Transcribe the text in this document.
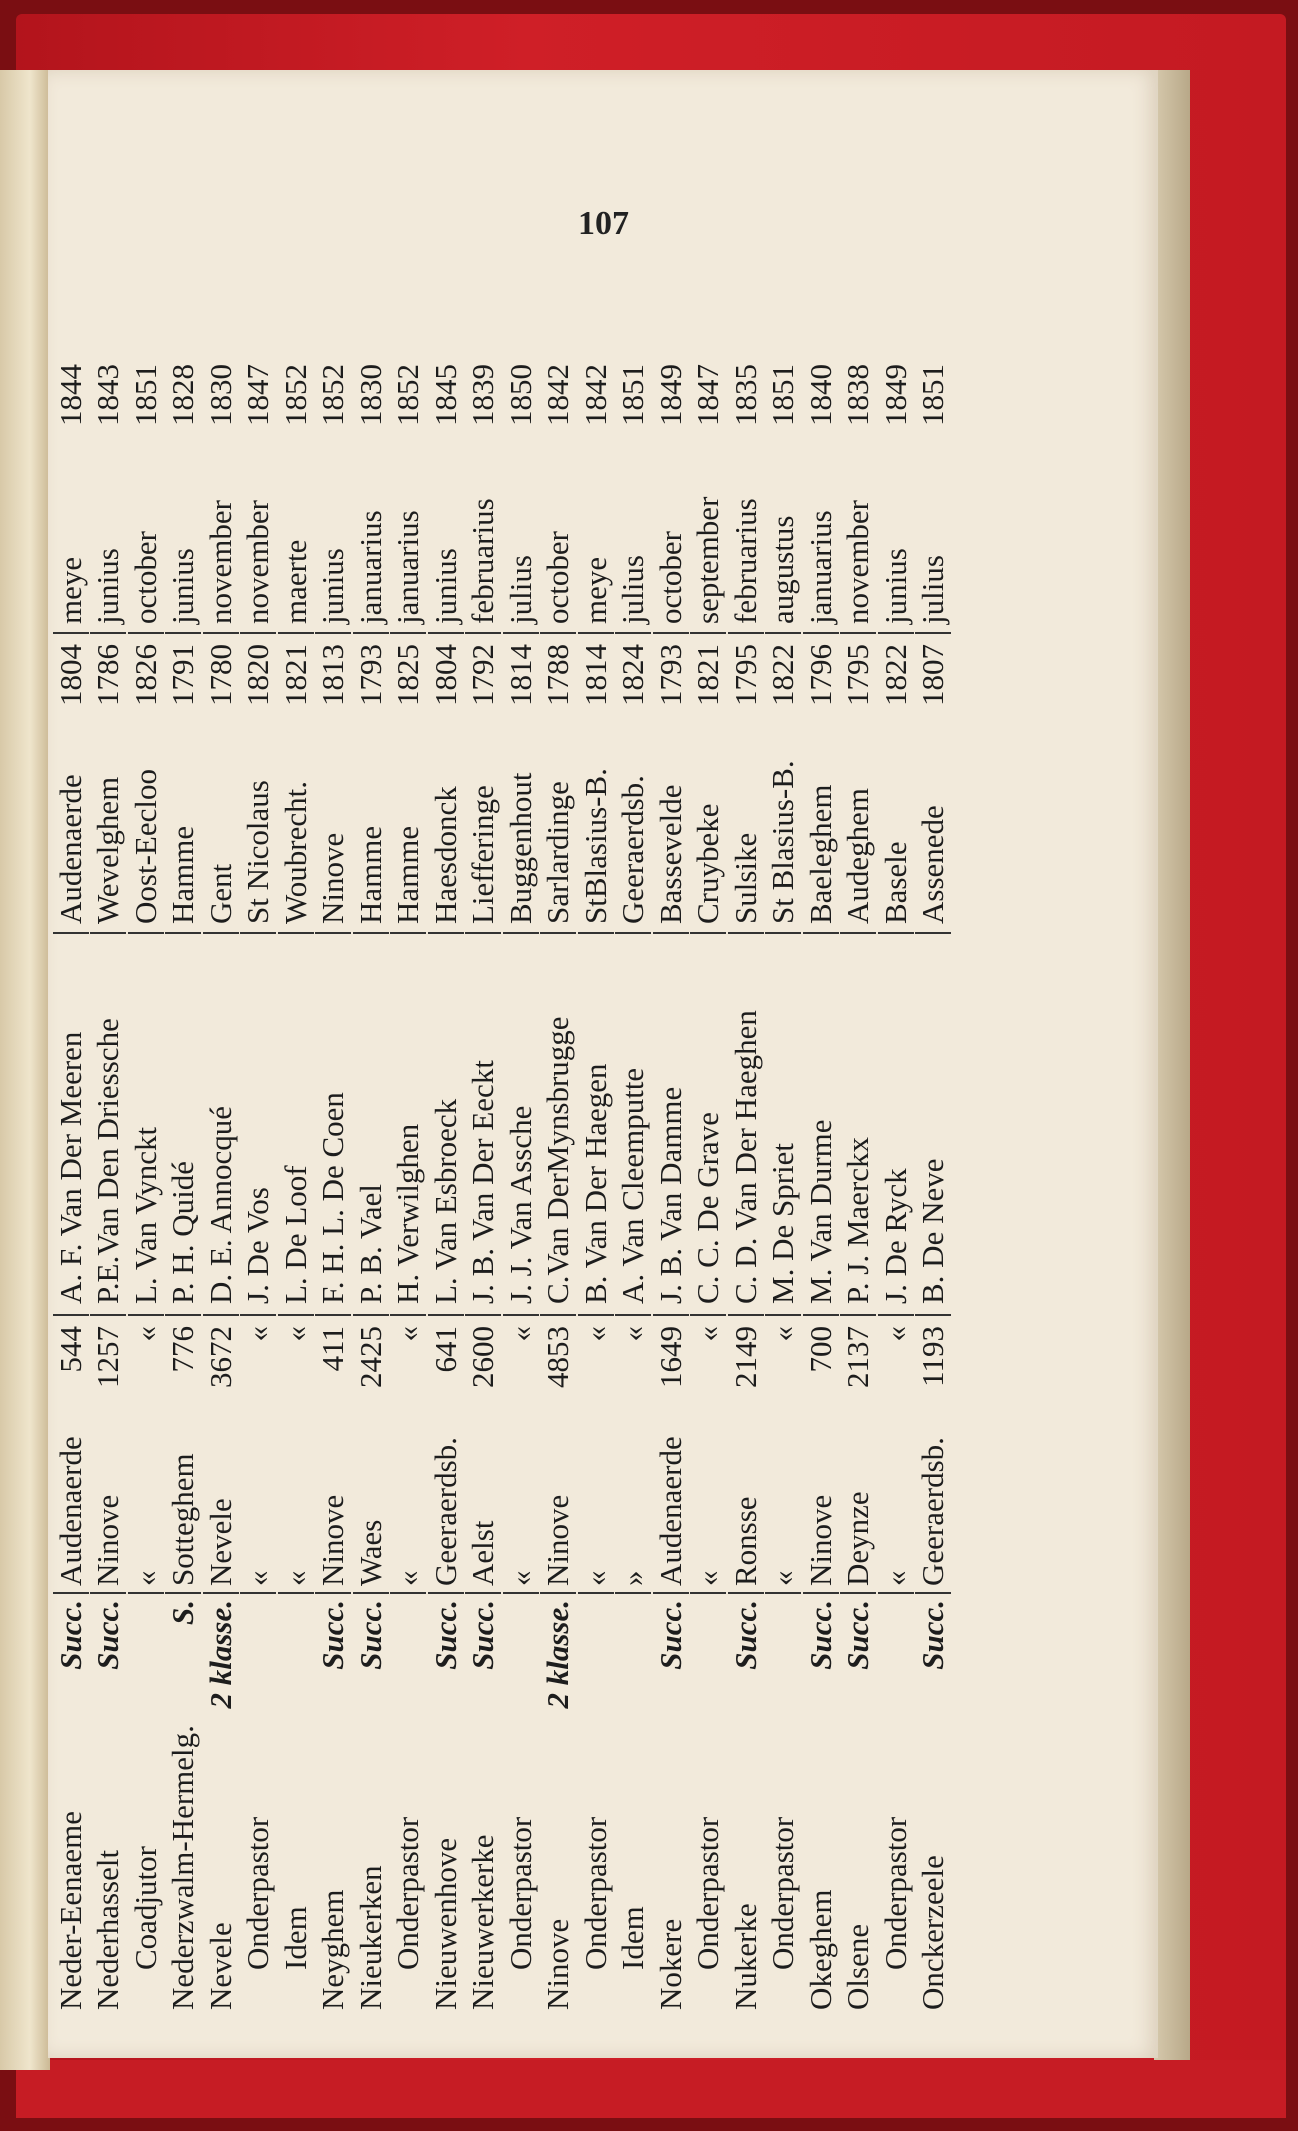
107
Neder-Eenaeme
Succ.
Audenaerde
544
A. F. Van Der Meeren
Audenaerde
1804
meye
1844
Nederhasselt
Succ.
Ninove
1257
P.E.Van Den Driessche
Wevelghem
1786
junius
1843
Coadjutor
«
«
L. Van Vynckt
Oost-Eecloo
1826
october
1851
Nederzwalm-Hermelg.
S.
Sotteghem
776
P. H. Quidé
Hamme
1791
junius
1828
Nevele
2 klasse.
Nevele
3672
D. E. Annocqué
Gent
1780
november
1830
Onderpastor
«
«
J. De Vos
St Nicolaus
1820
november
1847
Idem
«
«
L. De Loof
Woubrecht.
1821
maerte
1852
Neyghem
Succ.
Ninove
411
F. H. L. De Coen
Ninove
1813
junius
1852
Nieukerken
Succ.
Waes
2425
P. B. Vael
Hamme
1793
januarius
1830
Onderpastor
«
«
H. Verwilghen
Hamme
1825
januarius
1852
Nieuwenhove
Succ.
Geeraerdsb.
641
L. Van Esbroeck
Haesdonck
1804
junius
1845
Nieuwerkerke
Succ.
Aelst
2600
J. B. Van Der Eeckt
Liefferinge
1792
februarius
1839
Onderpastor
«
«
J. J. Van Assche
Buggenhout
1814
julius
1850
Ninove
2 klasse.
Ninove
4853
C.Van DerMynsbrugge
Sarlardinge
1788
october
1842
Onderpastor
«
«
B. Van Der Haegen
StBlasius-B.
1814
meye
1842
Idem
»
«
A. Van Cleemputte
Geeraerdsb.
1824
julius
1851
Nokere
Succ.
Audenaerde
1649
J. B. Van Damme
Bassevelde
1793
october
1849
Onderpastor
«
«
C. C. De Grave
Cruybeke
1821
september
1847
Nukerke
Succ.
Ronsse
2149
C. D. Van Der Haeghen
Sulsike
1795
februarius
1835
Onderpastor
«
«
M. De Spriet
St Blasius-B.
1822
augustus
1851
Okeghem
Succ.
Ninove
700
M. Van Durme
Baeleghem
1796
januarius
1840
Olsene
Succ.
Deynze
2137
P. J. Maerckx
Audeghem
1795
november
1838
Onderpastor
«
«
J. De Ryck
Basele
1822
junius
1849
Onckerzeele
Succ.
Geeraerdsb.
1193
B. De Neve
Assenede
1807
julius
1851
